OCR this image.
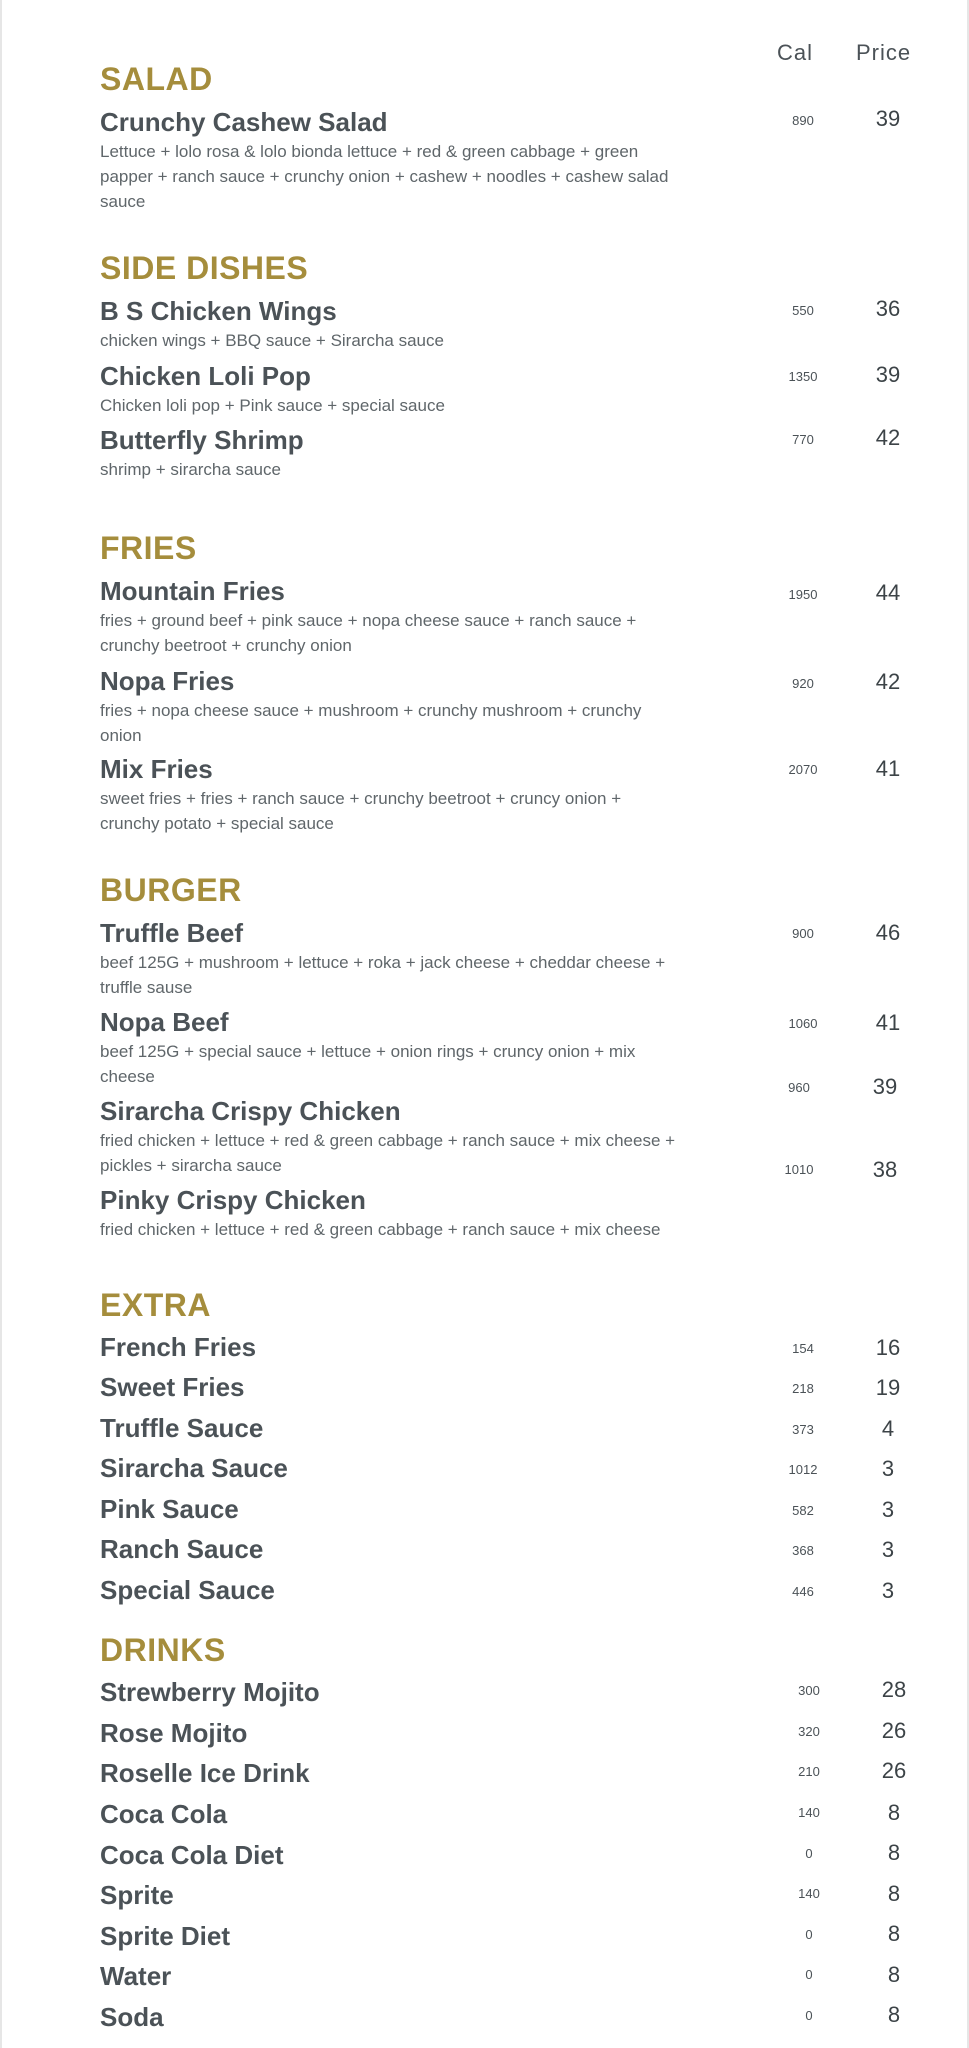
Cal Price
SALAD
Crunchy Cashew Salad
Lettuce + lolo rosa & lolo bionda lettuce + red & green cabbage + green papper + ranch sauce + crunchy onion + cashew + noodles + cashew salad sauce
890	39
SIDE DISHES
B S Chicken Wings
chicken wings + BBQ sauce + Sirarcha sauce
550	36
Chicken Loli Pop
Chicken loli pop + Pink sauce + special sauce
1350	39
Butterfly Shrimp
shrimp + sirarcha sauce
770	42
FRIES
Mountain Fries
fries + ground beef + pink sauce + nopa cheese sauce + ranch sauce + crunchy beetroot + crunchy onion
1950	44
Nopa Fries
fries + nopa cheese sauce + mushroom + crunchy mushroom + crunchy onion
920	42
Mix Fries
sweet fries + fries + ranch sauce + crunchy beetroot + cruncy onion + crunchy potato + special sauce
2070	41
BURGER
Truffle Beef
beef 125G + mushroom + lettuce + roka + jack cheese + cheddar cheese + truffle sause
900	46
Nopa Beef
beef 125G + special sauce + lettuce + onion rings + cruncy onion + mix cheese
1060	41
Sirarcha Crispy Chicken
fried chicken + lettuce + red & green cabbage + ranch sauce + mix cheese + pickles + sirarcha sauce
960	39
Pinky Crispy Chicken
fried chicken + lettuce + red & green cabbage + ranch sauce + mix cheese
1010	38
EXTRA
French Fries	154	16
Sweet Fries	218	19
Truffle Sauce	373	4
Sirarcha Sauce	1012	3
Pink Sauce	582	3
Ranch Sauce	368	3
Special Sauce	446	3
DRINKS
Strewberry Mojito	300	28
Rose Mojito	320	26
Roselle Ice Drink	210	26
Coca Cola	140	8
Coca Cola Diet	0	8
Sprite	140	8
Sprite Diet	0	8
Water	0	8
Soda	0	8
